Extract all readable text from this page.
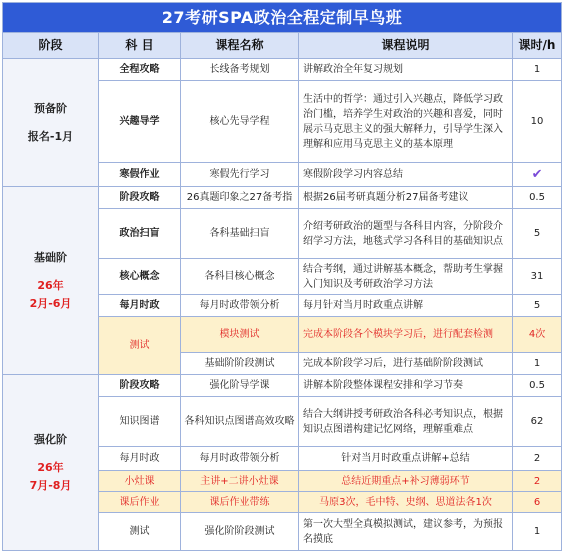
27考研SPA政治全程定制早鸟班				
阶段	科 目	课程名称	课程说明	课时/h

预备阶
报名-1月	全程攻略	长线备考规划	讲解政治全年复习规划	1
	兴趣导学	核心先导学程	生活中的哲学：通过引入兴趣点，降低学习政治门槛，培养学生对政治的兴趣和喜爱，同时展示马克思主义的强大解释力，引导学生深入理解和应用马克思主义的基本原理	10
	寒假作业	寒假先行学习	寒假阶段学习内容总结	✔

基础阶
26年
2月-6月	阶段攻略	26真题印象之27备考指	根据26届考研真题分析27届备考建议	0.5
	政治扫盲	各科基础扫盲	介绍考研政治的题型与各科目内容，分阶段介绍学习方法，地毯式学习各科目的基础知识点	5
	核心概念	各科目核心概念	结合考纲，通过讲解基本概念，帮助考生掌握入门知识及考研政治学习方法	31
	每月时政	每月时政带领分析	每月针对当月时政重点讲解	5
	测试	模块测试	完成本阶段各个模块学习后，进行配套检测	4次
		基础阶阶段测试	完成本阶段学习后，进行基础阶阶段测试	1

强化阶
26年
7月-8月	阶段攻略	强化阶导学课	讲解本阶段整体课程安排和学习节奏	0.5
	知识图谱	各科知识点图谱高效攻略	结合大纲讲授考研政治各科必考知识点，根据知识点图谱构建记忆网络，理解重难点	62
	每月时政	每月时政带领分析	针对当月时政重点讲解+总结	2
	小灶课	主讲+二讲小灶课	总结近期重点+补习薄弱环节	2
	课后作业	课后作业带练	马原3次，毛中特、史纲、思道法各1次	6
	测试	强化阶阶段测试	第一次大型全真模拟测试，建议参考，为预报名摸底	1
